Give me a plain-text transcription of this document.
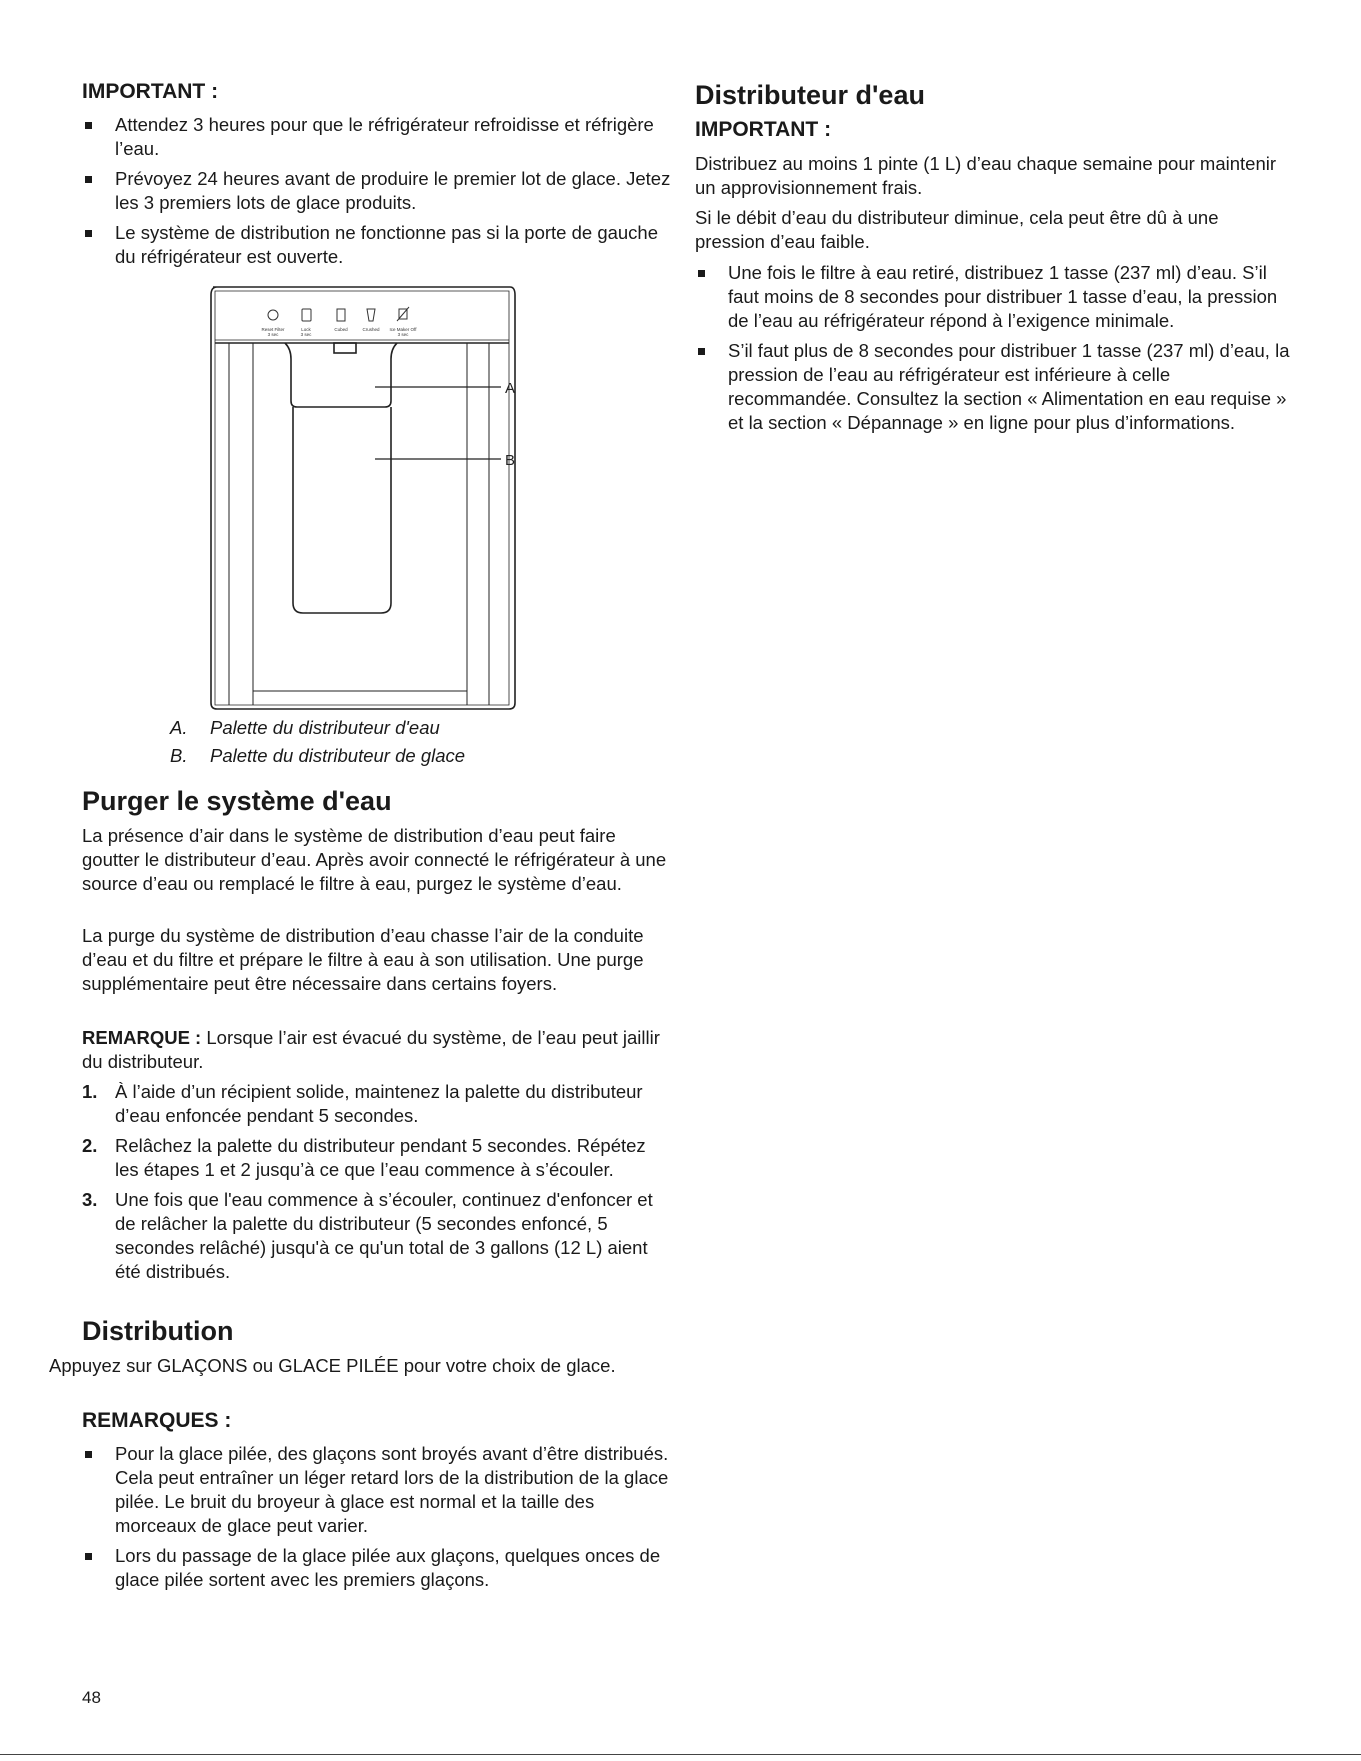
IMPORTANT :
Attendez 3 heures pour que le réfrigérateur refroidisse et réfrigère l’eau.
Prévoyez 24 heures avant de produire le premier lot de glace. Jetez les 3 premiers lots de glace produits.
Le système de distribution ne fonctionne pas si la porte de gauche du réfrigérateur est ouverte.
Reset Filter	Lock	Cubed	Crushed Ice Maker Off
3 sec	3 sec	3 sec
A
B
A. Palette du distributeur d'eau
B. Palette du distributeur de glace
Purger le système d'eau

La présence d’air dans le système de distribution d’eau peut faire goutter le distributeur d’eau. Après avoir connecté le réfrigérateur à une source d’eau ou remplacé le filtre à eau, purgez le système d’eau.

La purge du système de distribution d’eau chasse l’air de la conduite d’eau et du filtre et prépare le filtre à eau à son utilisation. Une purge supplémentaire peut être nécessaire dans certains foyers.

REMARQUE : Lorsque l’air est évacué du système, de l’eau peut jaillir du distributeur.

1. À l’aide d’un récipient solide, maintenez la palette du distributeur d’eau enfoncée pendant 5 secondes.
2. Relâchez la palette du distributeur pendant 5 secondes. Répétez les étapes 1 et 2 jusqu’à ce que l’eau commence à s’écouler.
3. Une fois que l'eau commence à s’écouler, continuez d'enfoncer et de relâcher la palette du distributeur (5 secondes enfoncé, 5 secondes relâché) jusqu'à ce qu'un total de 3 gallons (12 L) aient été distribués.
Distribution

Appuyez sur GLAÇONS ou GLACE PILÉE pour votre choix de glace.

REMARQUES :
Pour la glace pilée, des glaçons sont broyés avant d’être distribués. Cela peut entraîner un léger retard lors de la distribution de la glace pilée. Le bruit du broyeur à glace est normal et la taille des morceaux de glace peut varier.
Lors du passage de la glace pilée aux glaçons, quelques onces de glace pilée sortent avec les premiers glaçons.
Distributeur d'eau
IMPORTANT :

Distribuez au moins 1 pinte (1 L) d’eau chaque semaine pour maintenir un approvisionnement frais.

Si le débit d’eau du distributeur diminue, cela peut être dû à une pression d’eau faible.

Une fois le filtre à eau retiré, distribuez 1 tasse (237 ml) d’eau. S’il faut moins de 8 secondes pour distribuer 1 tasse d’eau, la pression de l’eau au réfrigérateur répond à l’exigence minimale.
S’il faut plus de 8 secondes pour distribuer 1 tasse (237 ml) d’eau, la pression de l’eau au réfrigérateur est inférieure à celle recommandée. Consultez la section « Alimentation en eau requise » et la section « Dépannage » en ligne pour plus d’informations.
48
